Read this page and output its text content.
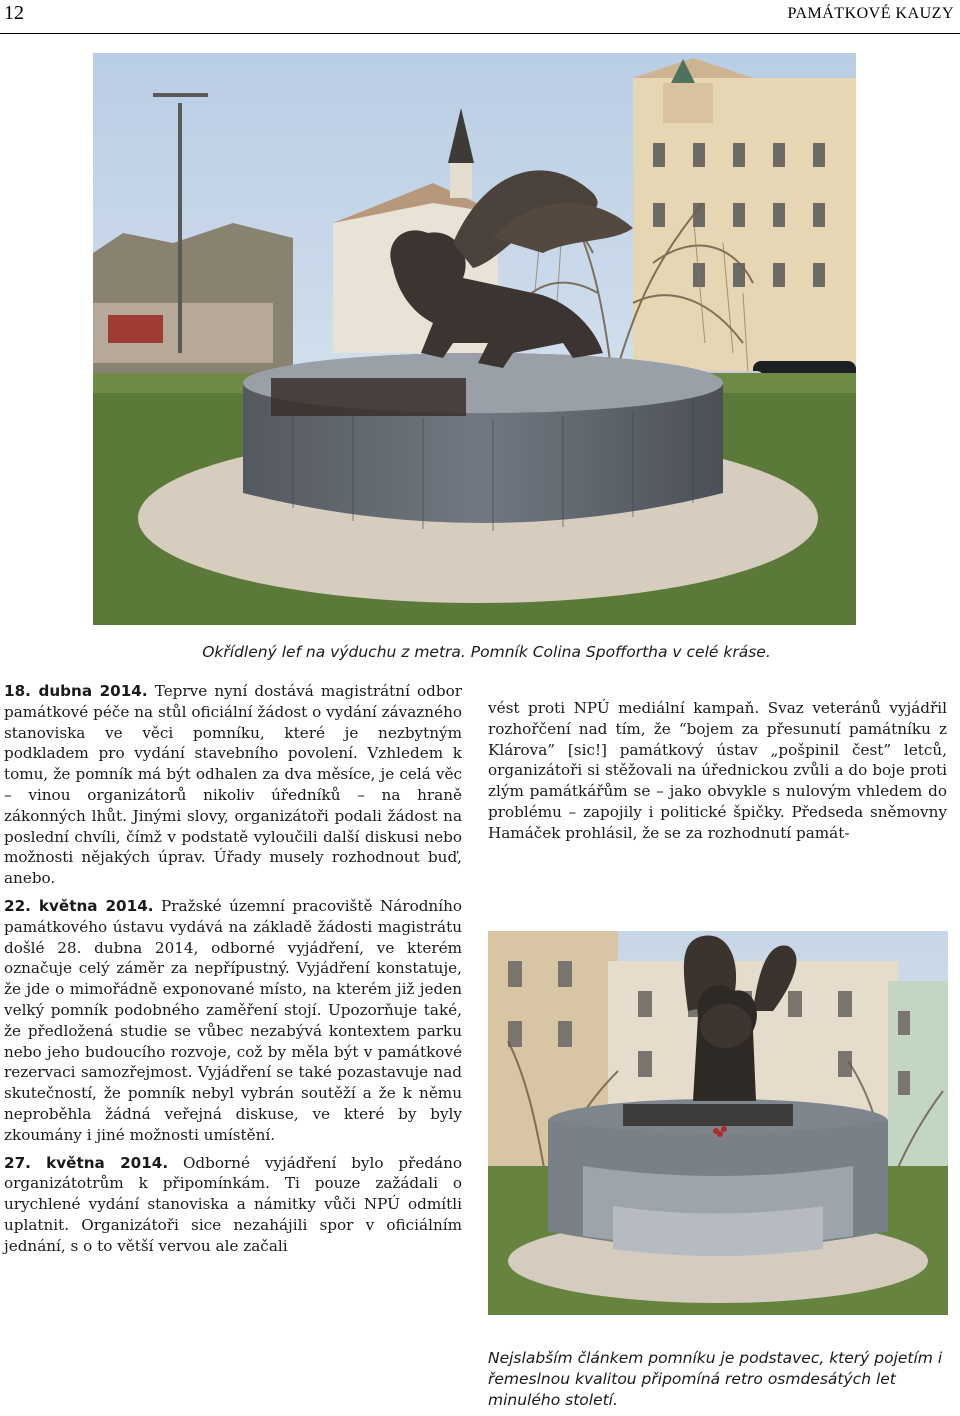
12	PAMÁTKOVÉ KAUZY

Okřídlený lef na výduchu z metra. Pomník Colina Spoffortha v celé kráse.

18. dubna 2014. Teprve nyní dostává magistrátní odbor památkové péče na stůl oficiální žádost o vydání závazného stanoviska ve věci pomníku, které je nezbytným podkladem pro vydání stavebního povolení. Vzhledem k tomu, že pomník má být odhalen za dva měsíce, je celá věc – vinou organizátorů nikoliv úředníků – na hraně zákonných lhůt. Jinými slovy, organizátoři podali žádost na poslední chvíli, čímž v podstatě vyloučili další diskusi nebo možnosti nějakých úprav. Úřady musely rozhodnout buď, anebo.

22. května 2014. Pražské územní pracoviště Národního památkového ústavu vydává na základě žádosti magistrátu došlé 28. dubna 2014, odborné vyjádření, ve kterém označuje celý záměr za nepřípustný. Vyjádření konstatuje, že jde o mimořádně exponované místo, na kterém již jeden velký pomník podobného zaměření stojí. Upozorňuje také, že předložená studie se vůbec nezabývá kontextem parku nebo jeho budoucího rozvoje, což by měla být v památkové rezervaci samozřejmost. Vyjádření se také pozastavuje nad skutečností, že pomník nebyl vybrán soutěží a že k němu neproběhla žádná veřejná diskuse, ve které by byly zkoumány i jiné možnosti umístění.

27. května 2014. Odborné vyjádření bylo předáno organizátotrům k připomínkám. Ti pouze zažádali o urychlené vydání stanoviska a námitky vůči NPÚ odmítli uplatnit. Organizátoři sice nezahájili spor v oficiálním jednání, s o to větší vervou ale začali

vést proti NPÚ mediální kampaň. Svaz veteránů vyjádřil rozhořčení nad tím, že “bojem za přesunutí památníku z Klárova” [sic!] památkový ústav „pošpinil čest” letců, organizátoři si stěžovali na úřednickou zvůli a do boje proti zlým památkářům se – jako obvykle s nulovým vhledem do problému – zapojily i politické špičky. Předseda sněmovny Hamáček prohlásil, že se za rozhodnutí památ-

Nejslabším článkem pomníku je podstavec, který pojetím i řemeslnou kvalitou připomíná retro osmdesátých let minulého století.
